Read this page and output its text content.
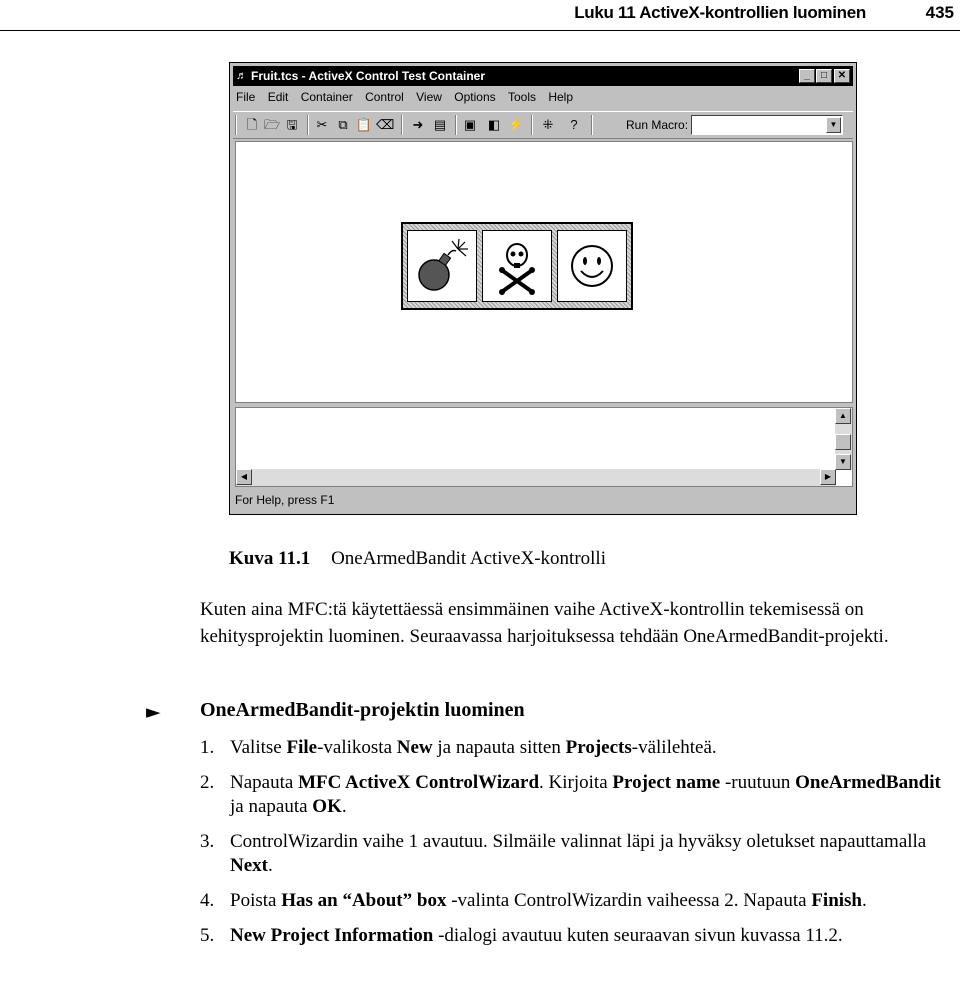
Luku 11 ActiveX-kontrollien luominen	435
♬ Fruit.tcs - ActiveX Control Test Container	_	□	✕
File Edit Container Control View Options Tools Help
🗋 🗁 🖫 ✂ ⧉ 📋 ⌫ ➜ ▤ ▣ ◧ ⚡ ⁜	?	Run Macro:	▼
▲
▼
◀	▶
For Help, press F1
Kuva 11.1 OneArmedBandit ActiveX-kontrolli

Kuten aina MFC:tä käytettäessä ensimmäinen vaihe ActiveX-kontrollin tekemisessä on kehitysprojektin luominen. Seuraavassa harjoituksessa tehdään OneArmedBandit-projekti.

► OneArmedBandit-projektin luominen
1. Valitse File-valikosta New ja napauta sitten Projects-välilehteä.
2. Napauta MFC ActiveX ControlWizard. Kirjoita Project name -ruutuun OneArmedBandit ja napauta OK.
3. ControlWizardin vaihe 1 avautuu. Silmäile valinnat läpi ja hyväksy oletukset napauttamalla Next.
4. Poista Has an “About” box -valinta ControlWizardin vaiheessa 2. Napauta Finish.
5. New Project Information -dialogi avautuu kuten seuraavan sivun kuvassa 11.2.
